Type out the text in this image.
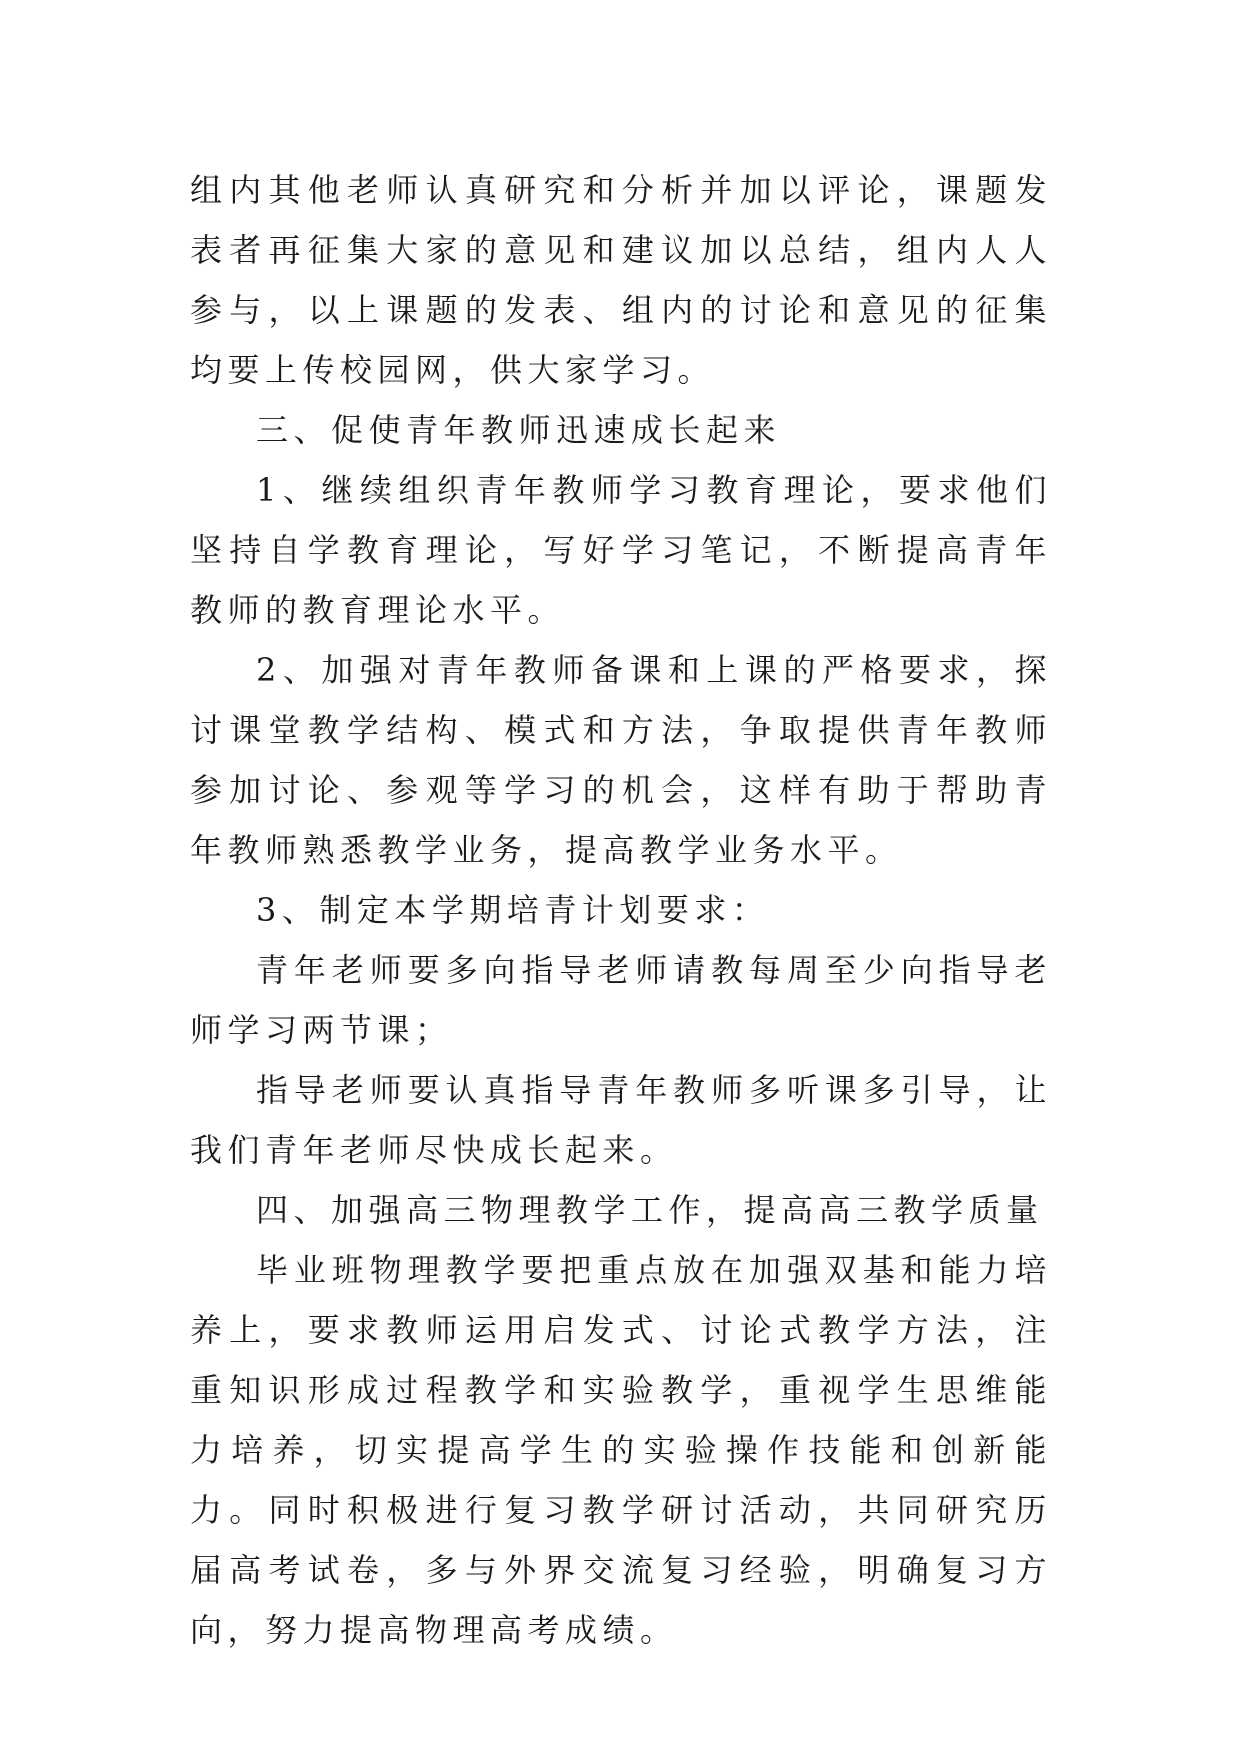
组内其他老师认真研究和分析并加以评论，课题发表者再征集大家的意见和建议加以总结，组内人人参与，以上课题的发表、组内的讨论和意见的征集均要上传校园网，供大家学习。

三、促使青年教师迅速成长起来

1、继续组织青年教师学习教育理论，要求他们坚持自学教育理论，写好学习笔记，不断提高青年教师的教育理论水平。

2、加强对青年教师备课和上课的严格要求，探讨课堂教学结构、模式和方法，争取提供青年教师参加讨论、参观等学习的机会，这样有助于帮助青年教师熟悉教学业务，提高教学业务水平。

3、制定本学期培青计划要求：

青年老师要多向指导老师请教每周至少向指导老师学习两节课；

指导老师要认真指导青年教师多听课多引导，让我们青年老师尽快成长起来。

四、加强高三物理教学工作，提高高三教学质量

毕业班物理教学要把重点放在加强双基和能力培养上，要求教师运用启发式、讨论式教学方法，注重知识形成过程教学和实验教学，重视学生思维能力培养，切实提高学生的实验操作技能和创新能力。同时积极进行复习教学研讨活动，共同研究历届高考试卷，多与外界交流复习经验，明确复习方向，努力提高物理高考成绩。
